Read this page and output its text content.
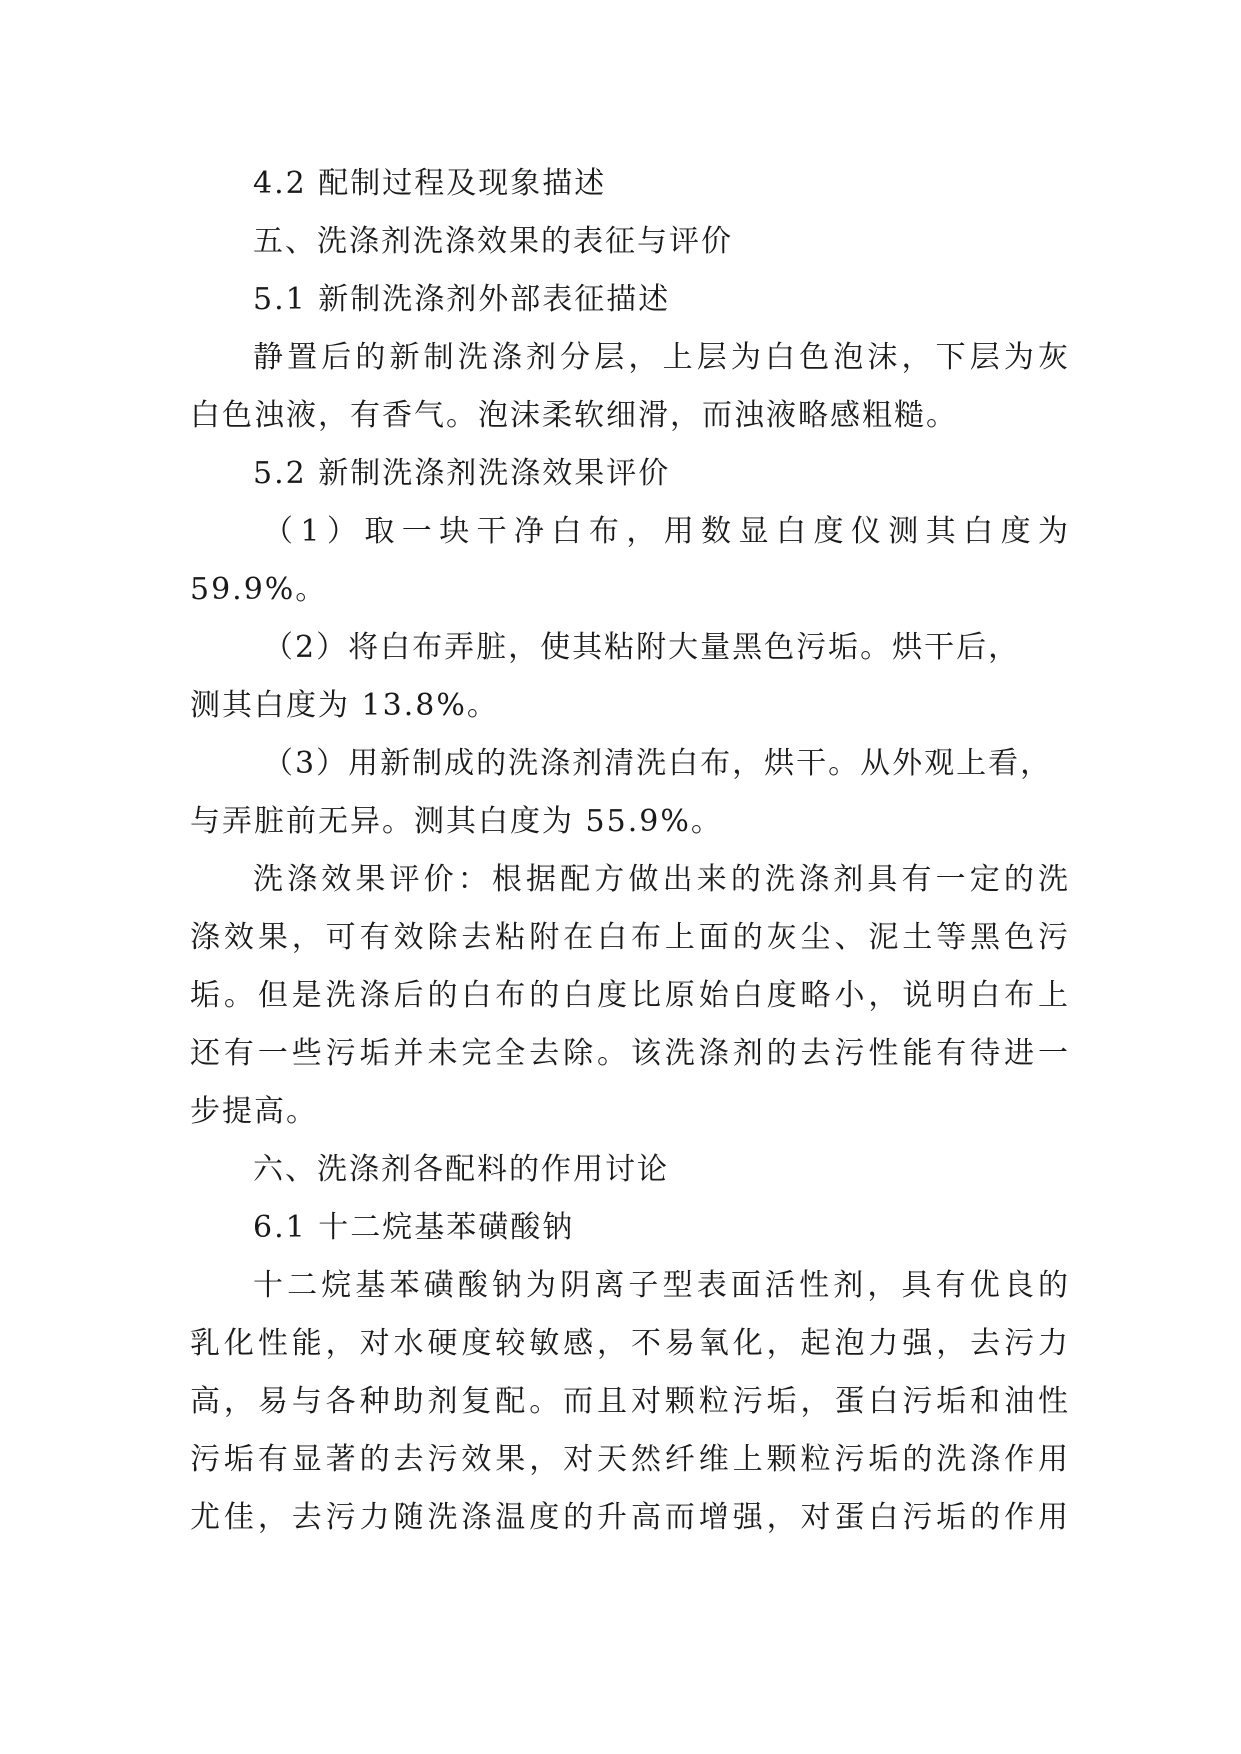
4.2 配制过程及现象描述
五、洗涤剂洗涤效果的表征与评价
5.1 新制洗涤剂外部表征描述
静置后的新制洗涤剂分层，上层为白色泡沫，下层为灰
白色浊液，有香气。泡沫柔软细滑，而浊液略感粗糙。
5.2 新制洗涤剂洗涤效果评价
（1）取一块干净白布，用数显白度仪测其白度为
59.9%。
（2）将白布弄脏，使其粘附大量黑色污垢。烘干后，
测其白度为 13.8%。
（3）用新制成的洗涤剂清洗白布，烘干。从外观上看，
与弄脏前无异。测其白度为 55.9%。
洗涤效果评价：根据配方做出来的洗涤剂具有一定的洗
涤效果，可有效除去粘附在白布上面的灰尘、泥土等黑色污
垢。但是洗涤后的白布的白度比原始白度略小，说明白布上
还有一些污垢并未完全去除。该洗涤剂的去污性能有待进一
步提高。
六、洗涤剂各配料的作用讨论
6.1 十二烷基苯磺酸钠
十二烷基苯磺酸钠为阴离子型表面活性剂，具有优良的
乳化性能，对水硬度较敏感，不易氧化，起泡力强，去污力
高，易与各种助剂复配。而且对颗粒污垢，蛋白污垢和油性
污垢有显著的去污效果，对天然纤维上颗粒污垢的洗涤作用
尤佳，去污力随洗涤温度的升高而增强，对蛋白污垢的作用
